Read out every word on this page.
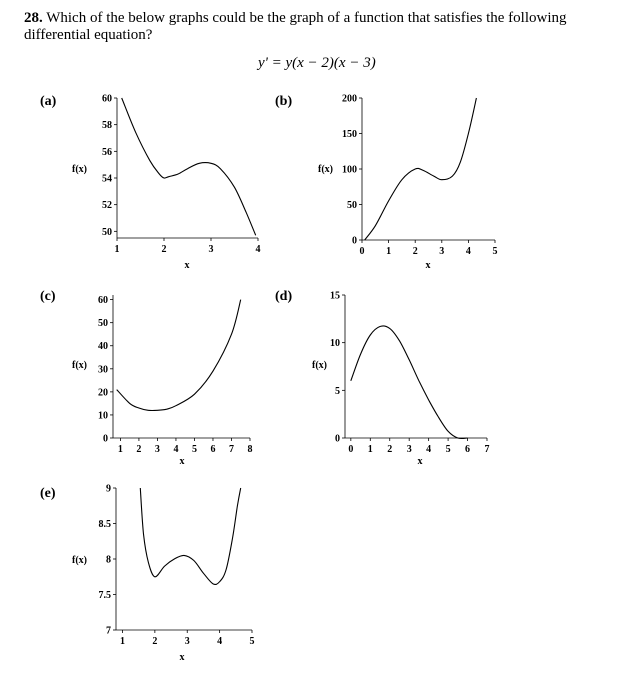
28. Which of the below graphs could be the graph of a function that satisfies the following differential equation?
y' = y(x − 2)(x − 3)
(a)
50
52
54
56
58
60
1	2	3	4
f(x)
x
(b)
0
50
100
150
200
0 1 2 3 4 5
f(x)
x
(c)
0
10
20
30
40
50
60
1 2 3 4 5 6 7 8
f(x)
x
(d)
0
5
10
15
0 1 2 3 4 5 6 7
f(x)
x
(e)
7
7.5
8
8.5
9
1	2	3	4	5
f(x)
x
